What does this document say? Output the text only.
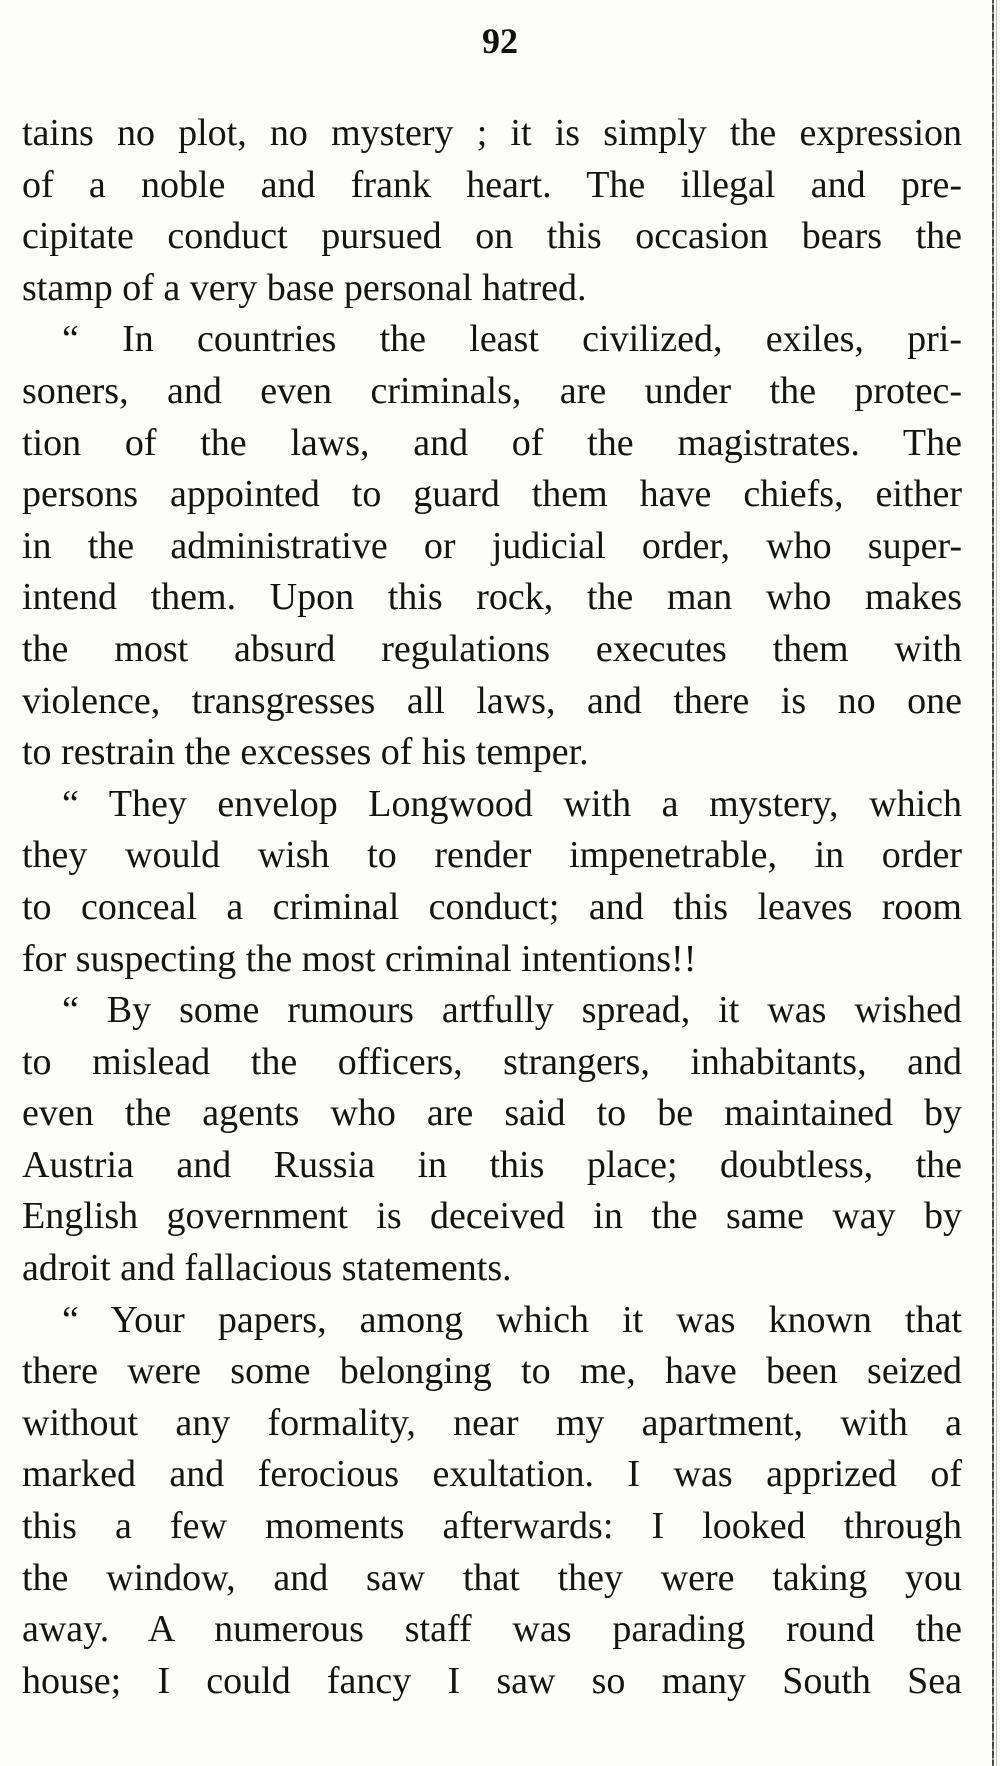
92
tains no plot, no mystery ; it is simply the expression
of a noble and frank heart. The illegal and pre-
cipitate conduct pursued on this occasion bears the
stamp of a very base personal hatred.
“ In countries the least civilized, exiles, pri-
soners, and even criminals, are under the protec-
tion of the laws, and of the magistrates. The
persons appointed to guard them have chiefs, either
in the administrative or judicial order, who super-
intend them. Upon this rock, the man who makes
the most absurd regulations executes them with
violence, transgresses all laws, and there is no one
to restrain the excesses of his temper.
“ They envelop Longwood with a mystery, which
they would wish to render impenetrable, in order
to conceal a criminal conduct; and this leaves room
for suspecting the most criminal intentions!!
“ By some rumours artfully spread, it was wished
to mislead the officers, strangers, inhabitants, and
even the agents who are said to be maintained by
Austria and Russia in this place; doubtless, the
English government is deceived in the same way by
adroit and fallacious statements.
“ Your papers, among which it was known that
there were some belonging to me, have been seized
without any formality, near my apartment, with a
marked and ferocious exultation. I was apprized of
this a few moments afterwards: I looked through
the window, and saw that they were taking you
away. A numerous staff was parading round the
house; I could fancy I saw so many South Sea
